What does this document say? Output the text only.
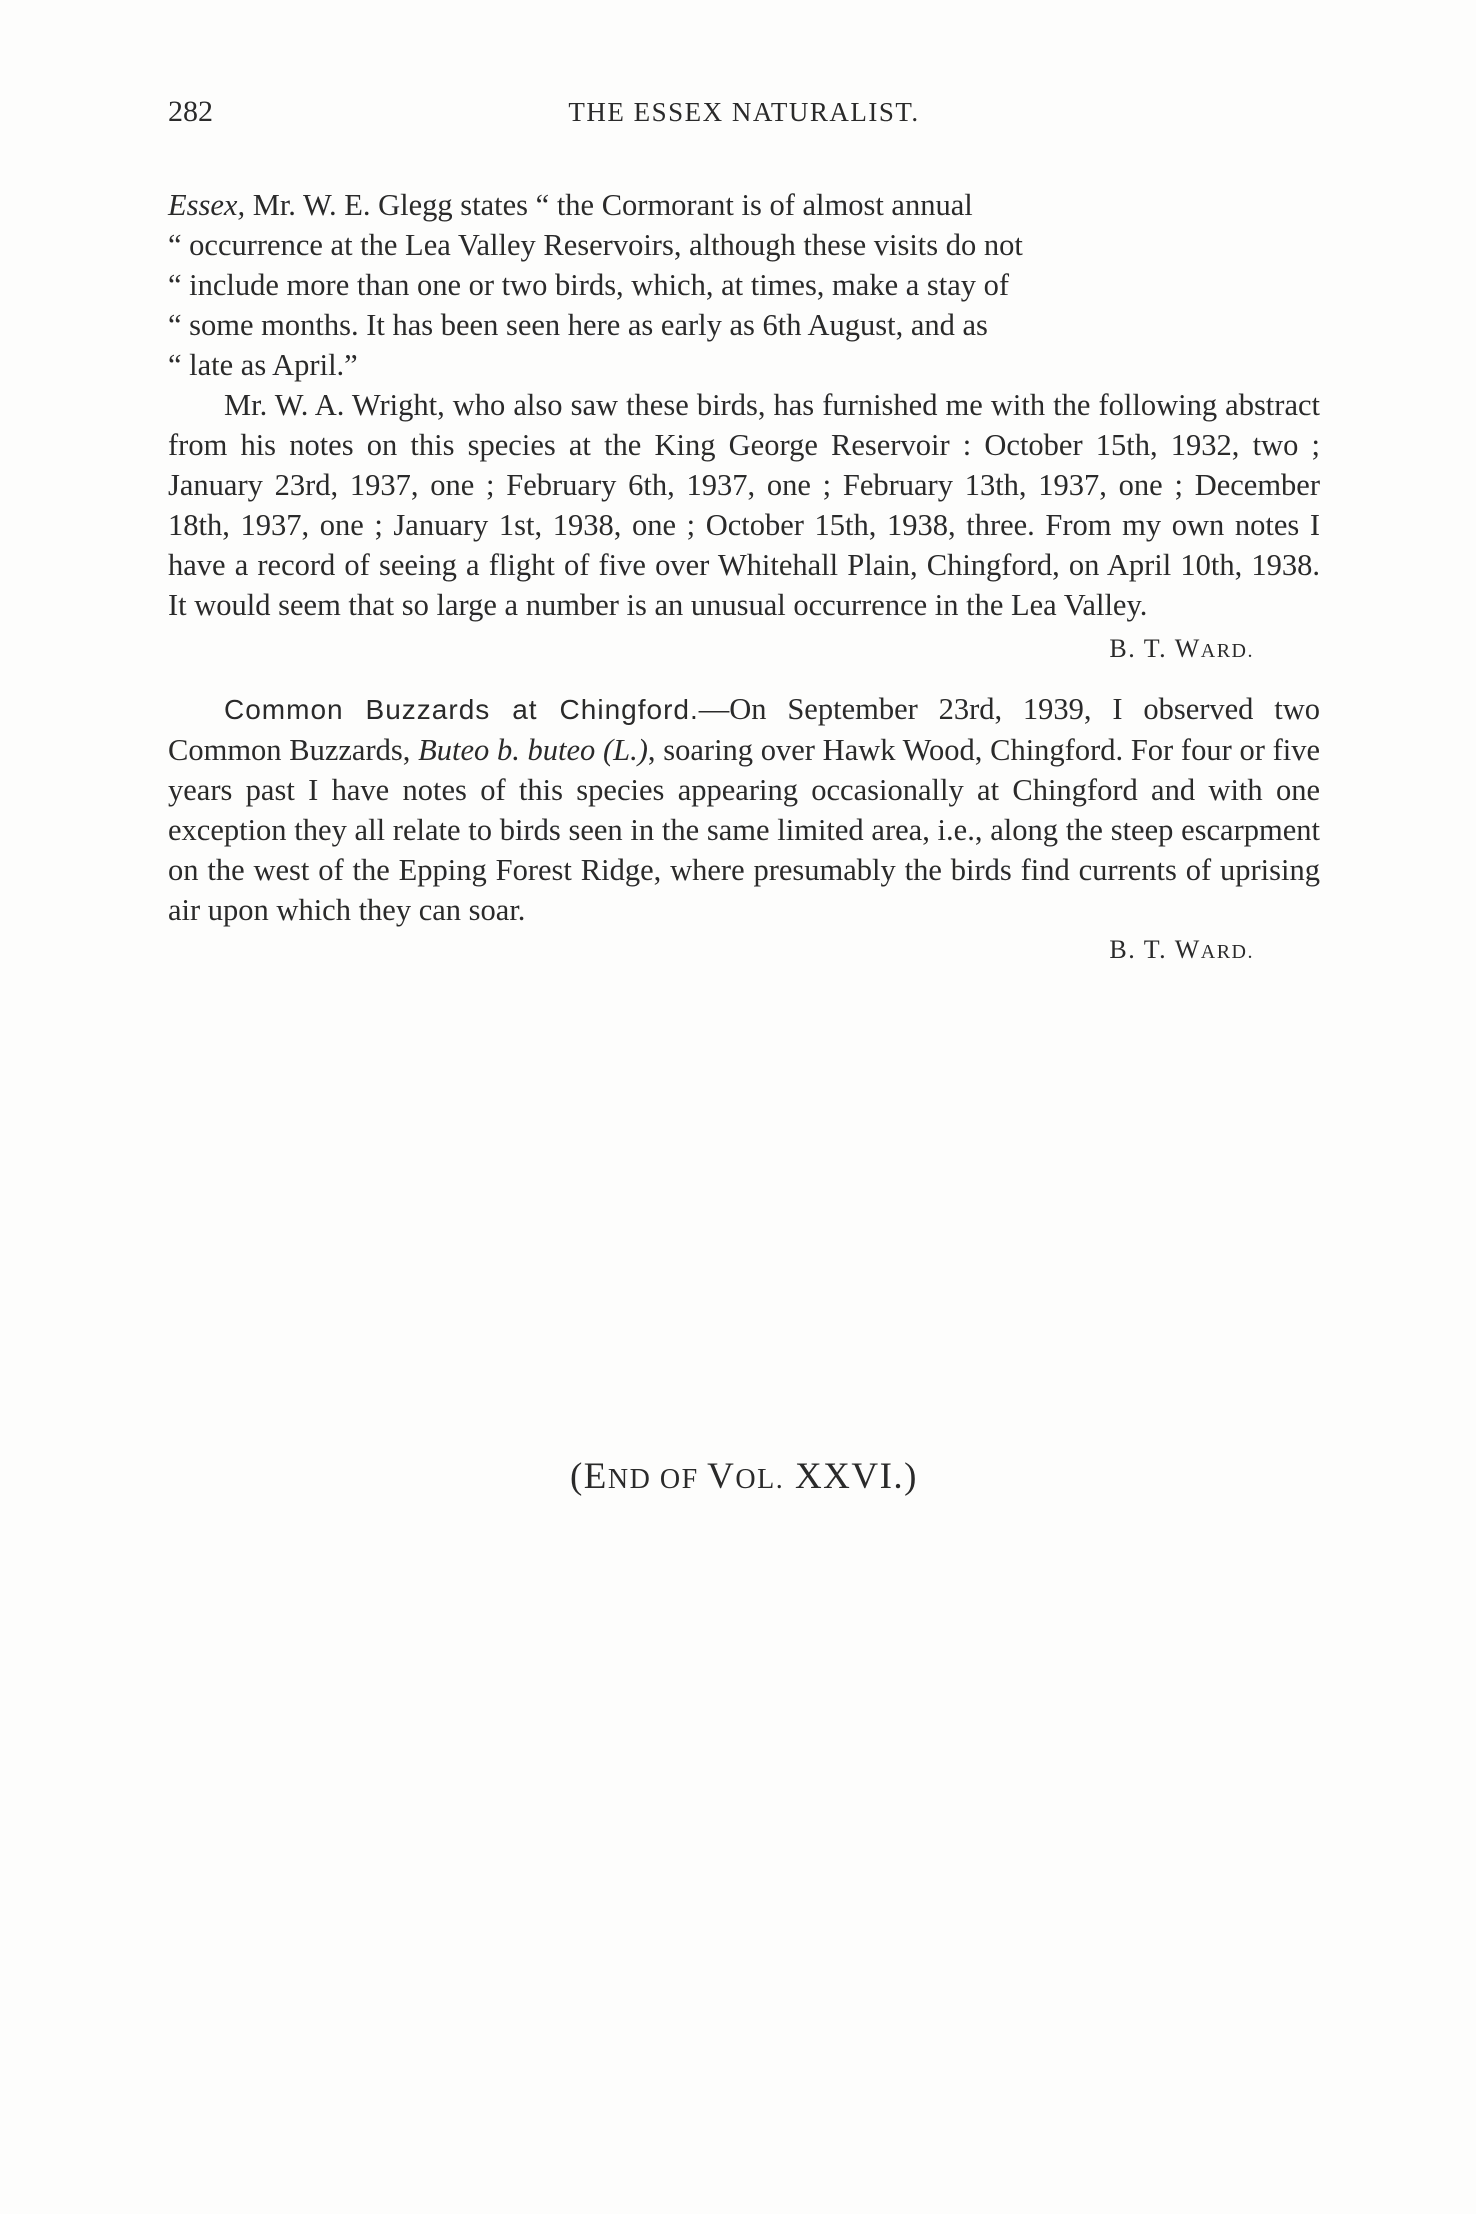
282	THE ESSEX NATURALIST.

Essex, Mr. W. E. Glegg states “ the Cormorant is of almost annual
“ occurrence at the Lea Valley Reservoirs, although these visits do not
“ include more than one or two birds, which, at times, make a stay of
“ some months. It has been seen here as early as 6th August, and as
“ late as April.”

Mr. W. A. Wright, who also saw these birds, has furnished me with the following abstract from his notes on this species at the King George Reservoir : October 15th, 1932, two ; January 23rd, 1937, one ; February 6th, 1937, one ; February 13th, 1937, one ; December 18th, 1937, one ; January 1st, 1938, one ; October 15th, 1938, three. From my own notes I have a record of seeing a flight of five over Whitehall Plain, Chingford, on April 10th, 1938. It would seem that so large a number is an unusual occurrence in the Lea Valley.

B. T. WARD.

Common Buzzards at Chingford.—On September 23rd, 1939, I observed two Common Buzzards, Buteo b. buteo (L.), soaring over Hawk Wood, Chingford. For four or five years past I have notes of this species appearing occasionally at Chingford and with one exception they all relate to birds seen in the same limited area, i.e., along the steep escarpment on the west of the Epping Forest Ridge, where presumably the birds find currents of uprising air upon which they can soar.

B. T. WARD.
(END OF VOL. XXVI.)
